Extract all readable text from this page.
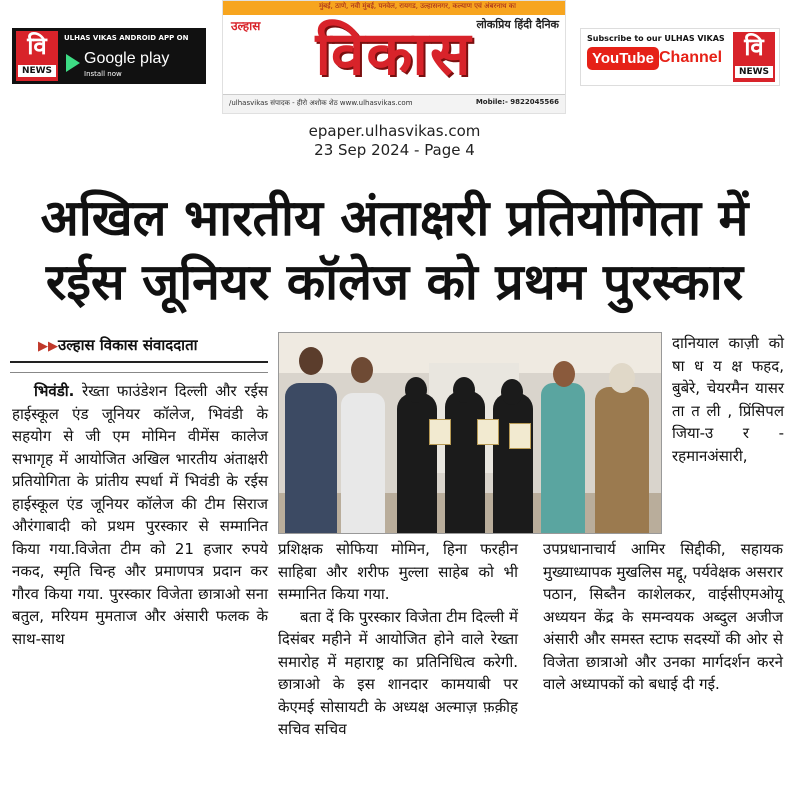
वि
NEWS
ULHAS VIKAS ANDROID APP ON
Google play
Install now
मुंबई, ठाणे, नवी मुंबई, पनवेल, रायगड, उल्हासनगर, कल्याण एवं अंबरनाथ का
उल्हास	लोकप्रिय हिंदी दैनिक
विकास
/ulhasvikas संपादक - हीरो अशोक शेठ www.ulhasvikas.com	Mobile:- 9822045566
Subscribe to our ULHAS VIKAS
YouTube Channel वि
NEWS
epaper.ulhasvikas.com
23 Sep 2024 - Page 4
अखिल भारतीय अंताक्षरी प्रतियोगिता में
रईस जूनियर कॉलेज को प्रथम पुरस्कार
▶▶ उल्हास विकास संवाददाता

भिवंडी. रेख्ता फाउंडेशन दिल्ली और रईस हाईस्कूल एंड जूनियर कॉलेज, भिवंडी के सहयोग से जी एम मोमिन वीमेंस कालेज सभागृह में आयोजित अखिल भारतीय अंताक्षरी प्रतियोगिता के प्रांतीय स्पर्धा में भिवंडी के रईस हाईस्कूल एंड जूनियर कॉलेज की टीम सिराज औरंगाबादी को प्रथम पुरस्कार से सम्मानित किया गया.विजेता टीम को 21 हजार रुपये नकद, स्मृति चिन्ह और प्रमाणपत्र प्रदान कर गौरव किया गया. पुरस्कार विजेता छात्राओ सना बतुल, मरियम मुमताज और अंसारी फलक के साथ-साथ

दानियाल काज़ी को षा ध य क्ष फहद, बुबेरे, चेयरमैन यासर ता त ली , प्रिंसिपल जिया-उ र - रहमानअंसारी,

प्रशिक्षक सोफिया मोमिन, हिना फरहीन साहिबा और शरीफ मुल्ला साहेब को भी सम्मानित किया गया.

बता दें कि पुरस्कार विजेता टीम दिल्ली में दिसंबर महीने में आयोजित होने वाले रेख्ता समारोह में महाराष्ट्र का प्रतिनिधित्व करेगी. छात्राओ के इस शानदार कामयाबी पर केएमई सोसायटी के अध्यक्ष अल्माज़ फ़क़ीह सचिव सचिव

उपप्रधानाचार्य आमिर सिद्दीकी, सहायक मुख्याध्यापक मुखलिस मद्दू, पर्यवेक्षक असरार पठान, सिब्तैन काशेलकर, वाईसीएमओयू अध्ययन केंद्र के समन्वयक अब्दुल अजीज अंसारी और समस्त स्टाफ सदस्यों की ओर से विजेता छात्राओ और उनका मार्गदर्शन करने वाले अध्यापकों को बधाई दी गई.
